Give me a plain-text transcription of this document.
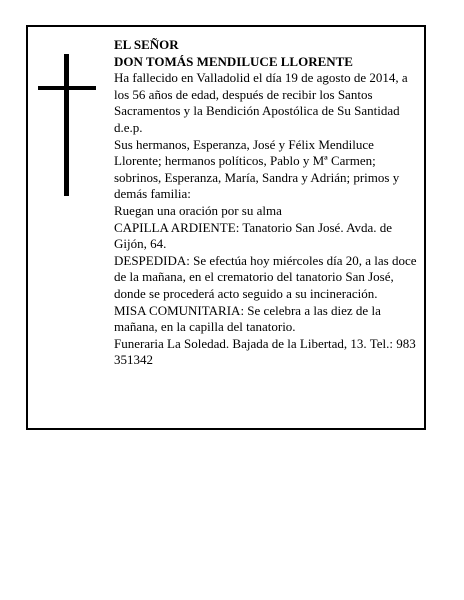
EL SEÑOR

DON TOMÁS MENDILUCE LLORENTE

Ha fallecido en Valladolid el día 19 de agosto de 2014, a los 56 años de edad, después de recibir los Santos Sacramentos y la Bendición Apostólica de Su Santidad d.e.p.

Sus hermanos, Esperanza, José y Félix Mendiluce Llorente; hermanos políticos, Pablo y Mª Carmen; sobrinos, Esperanza, María, Sandra y Adrián; primos y demás familia:

Ruegan una oración por su alma

CAPILLA ARDIENTE: Tanatorio San José. Avda. de Gijón, 64.

DESPEDIDA: Se efectúa hoy miércoles día 20, a las doce de la mañana, en el crematorio del tanatorio San José, donde se procederá acto seguido a su incineración.

MISA COMUNITARIA: Se celebra a las diez de la mañana, en la capilla del tanatorio.

Funeraria La Soledad. Bajada de la Libertad, 13. Tel.: 983 351342
